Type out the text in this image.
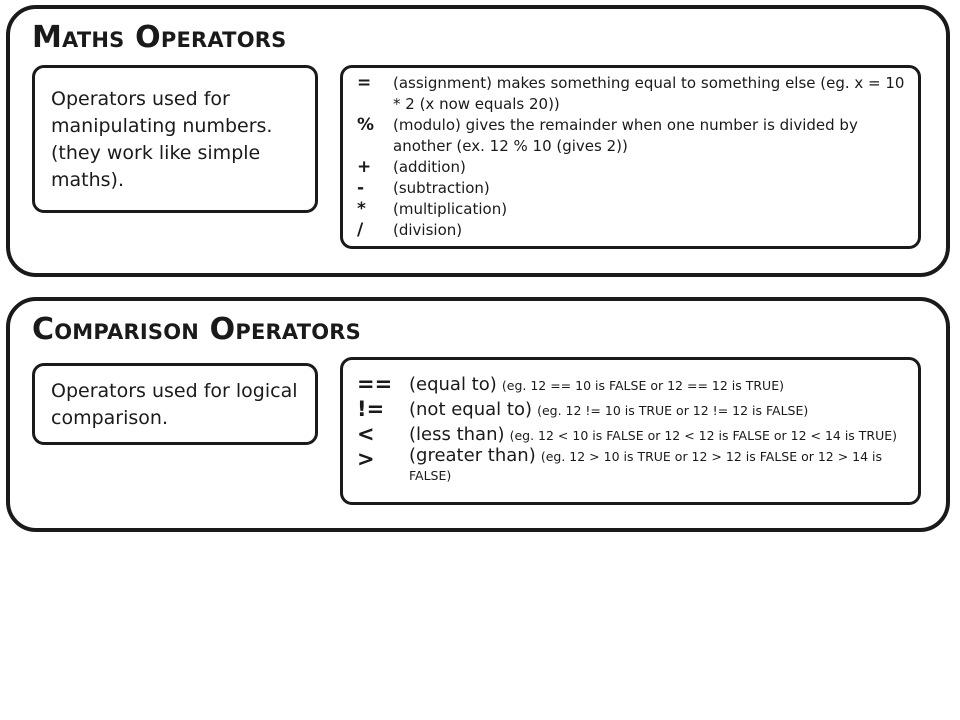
Maths Operators
Operators used for manipulating numbers. (they work like simple maths).
=	(assignment) makes something equal to something else (eg. x = 10 * 2 (x now equals 20))
%	(modulo) gives the remainder when one number is divided by another (ex. 12 % 10 (gives 2))
+	(addition)
-	(subtraction)
*	(multiplication)
/	(division)
Comparison Operators
Operators used for logical comparison.
== (equal to) (eg. 12 == 10 is FALSE or 12 == 12 is TRUE)
!=	(not equal to) (eg. 12 != 10 is TRUE or 12 != 12 is FALSE)
<	(less than) (eg. 12 < 10 is FALSE or 12 < 12 is FALSE or 12 < 14 is TRUE)
>	(greater than) (eg. 12 > 10 is TRUE or 12 > 12 is FALSE or 12 > 14 is FALSE)
